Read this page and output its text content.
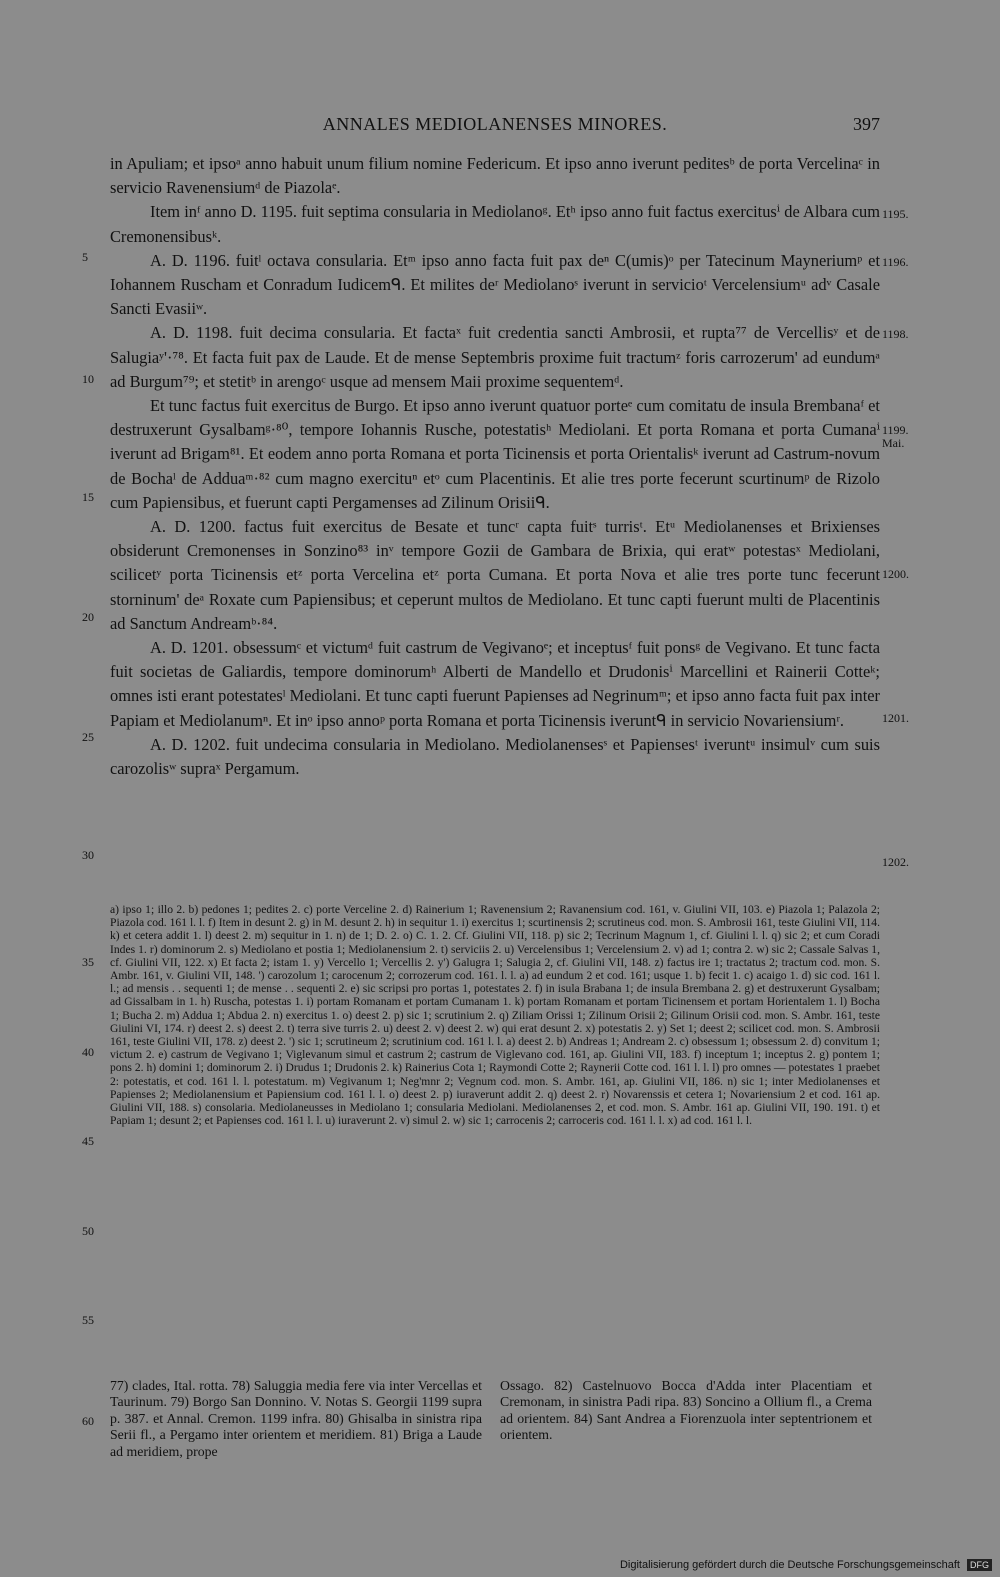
ANNALES MEDIOLANENSES MINORES.	397

in Apuliam; et ipsoᵃ anno habuit unum filium nomine Federicum. Et ipso anno iverunt peditesᵇ de porta Vercelinaᶜ in servicio Ravenensiumᵈ de Piazolaᵉ.

Item inᶠ anno D. 1195. fuit septima consularia in Mediolanoᵍ. Etʰ ipso anno fuit factus exercitusⁱ de Albara cum Cremonensibusᵏ.

A. D. 1196. fuitˡ octava consularia. Etᵐ ipso anno facta fuit pax deⁿ C(umis)ᵒ per Tatecinum Mayneriumᵖ et Iohannem Ruscham et Conradum Iudicemᑫ. Et milites deʳ Mediolanoˢ iverunt in servicioᵗ Vercelensiumᵘ adᵛ Casale Sancti Evasiiʷ.

A. D. 1198. fuit decima consularia. Et factaˣ fuit credentia sancti Ambrosii, et rupta⁷⁷ de Vercellisʸ et de Salugiaʸ'·⁷⁸. Et facta fuit pax de Laude. Et de mense Septembris proxime fuit tractumᶻ foris carrozerum' ad eundumᵃ ad Burgum⁷⁹; et stetitᵇ in arengoᶜ usque ad mensem Maii proxime sequentemᵈ.

Et tunc factus fuit exercitus de Burgo. Et ipso anno iverunt quatuor porteᵉ cum comitatu de insula Brembanaᶠ et destruxerunt Gysalbamᵍ·⁸⁰, tempore Iohannis Rusche, potestatisʰ Mediolani. Et porta Romana et porta Cumanaⁱ iverunt ad Brigam⁸¹. Et eodem anno porta Romana et porta Ticinensis et porta Orientalisᵏ iverunt ad Castrum-novum de Bochaˡ de Adduaᵐ·⁸² cum magno exercituⁿ etᵒ cum Placentinis. Et alie tres porte fecerunt scurtinumᵖ de Rizolo cum Papiensibus, et fuerunt capti Pergamenses ad Zilinum Orisiiᑫ.

A. D. 1200. factus fuit exercitus de Besate et tuncʳ capta fuitˢ turrisᵗ. Etᵘ Mediolanenses et Brixienses obsiderunt Cremonenses in Sonzino⁸³ inᵛ tempore Gozii de Gambara de Brixia, qui eratʷ potestasˣ Mediolani, scilicetʸ porta Ticinensis etᶻ porta Vercelina etᶻ porta Cumana. Et porta Nova et alie tres porte tunc fecerunt storninum' deᵃ Roxate cum Papiensibus; et ceperunt multos de Mediolano. Et tunc capti fuerunt multi de Placentinis ad Sanctum Andreamᵇ·⁸⁴.

A. D. 1201. obsessumᶜ et victumᵈ fuit castrum de Vegivanoᵉ; et inceptusᶠ fuit ponsᵍ de Vegivano. Et tunc facta fuit societas de Galiardis, tempore dominorumʰ Alberti de Mandello et Drudonisⁱ Marcellini et Rainerii Cotteᵏ; omnes isti erant potestatesˡ Mediolani. Et tunc capti fuerunt Papienses ad Negrinumᵐ; et ipso anno facta fuit pax inter Papiam et Mediolanumⁿ. Et inᵒ ipso annoᵖ porta Romana et porta Ticinensis iveruntᑫ in servicio Novariensiumʳ.

A. D. 1202. fuit undecima consularia in Mediolano. Mediolanensesˢ et Papiensesᵗ iveruntᵘ insimulᵛ cum suis carozolisʷ supraˣ Pergamum.

5
10
15
20
25
30
35
40
45
50
55
60
1195.
1196.
1198.
1199.
Mai.
1200.
1201.
1202.

a) ipso 1; illo 2. b) pedones 1; pedites 2. c) porte Verceline 2. d) Rainerium 1; Ravenensium 2; Ravanensium cod. 161, v. Giulini VII, 103. e) Piazola 1; Palazola 2; Piazola cod. 161 l. l. f) Item in desunt 2. g) in M. desunt 2. h) in sequitur 1. i) exercitus 1; scurtinensis 2; scrutineus cod. mon. S. Ambrosii 161, teste Giulini VII, 114. k) et cetera addit 1. l) deest 2. m) sequitur in 1. n) de 1; D. 2. o) C. 1. 2. Cf. Giulini VII, 118. p) sic 2; Tecrinum Magnum 1, cf. Giulini l. l. q) sic 2; et cum Coradi Indes 1. r) dominorum 2. s) Mediolano et postia 1; Mediolanensium 2. t) serviciis 2. u) Vercelensibus 1; Vercelensium 2. v) ad 1; contra 2. w) sic 2; Cassale Salvas 1, cf. Giulini VII, 122. x) Et facta 2; istam 1. y) Vercello 1; Vercellis 2. y') Galugra 1; Salugia 2, cf. Giulini VII, 148. z) factus ire 1; tractatus 2; tractum cod. mon. S. Ambr. 161, v. Giulini VII, 148. ') carozolum 1; carocenum 2; corrozerum cod. 161. l. l. a) ad eundum 2 et cod. 161; usque 1. b) fecit 1. c) acaigo 1. d) sic cod. 161 l. l.; ad mensis . . sequenti 1; de mense . . sequenti 2. e) sic scripsi pro portas 1, potestates 2. f) in isula Brabana 1; de insula Brembana 2. g) et destruxerunt Gysalbam; ad Gissalbam in 1. h) Ruscha, potestas 1. i) portam Romanam et portam Cumanam 1. k) portam Romanam et portam Ticinensem et portam Horientalem 1. l) Bocha 1; Bucha 2. m) Addua 1; Abdua 2. n) exercitus 1. o) deest 2. p) sic 1; scrutinium 2. q) Ziliam Orissi 1; Zilinum Orisii 2; Gilinum Orisii cod. mon. S. Ambr. 161, teste Giulini VI, 174. r) deest 2. s) deest 2. t) terra sive turris 2. u) deest 2. v) deest 2. w) qui erat desunt 2. x) potestatis 2. y) Set 1; deest 2; scilicet cod. mon. S. Ambrosii 161, teste Giulini VII, 178. z) deest 2. ') sic 1; scrutineum 2; scrutinium cod. 161 l. l. a) deest 2. b) Andreas 1; Andream 2. c) obsessum 1; obsessum 2. d) convitum 1; victum 2. e) castrum de Vegivano 1; Viglevanum simul et castrum 2; castrum de Viglevano cod. 161, ap. Giulini VII, 183. f) inceptum 1; inceptus 2. g) pontem 1; pons 2. h) domini 1; dominorum 2. i) Drudus 1; Drudonis 2. k) Rainerius Cota 1; Raymondi Cotte 2; Raynerii Cotte cod. 161 l. l. l) pro omnes — potestates 1 praebet 2: potestatis, et cod. 161 l. l. potestatum. m) Vegivanum 1; Neg'mnr 2; Vegnum cod. mon. S. Ambr. 161, ap. Giulini VII, 186. n) sic 1; inter Mediolanenses et Papienses 2; Mediolanensium et Papiensium cod. 161 l. l. o) deest 2. p) iuraverunt addit 2. q) deest 2. r) Novarenssis et cetera 1; Novariensium 2 et cod. 161 ap. Giulini VII, 188. s) consolaria. Mediolaneusses in Mediolano 1; consularia Mediolani. Mediolanenses 2, et cod. mon. S. Ambr. 161 ap. Giulini VII, 190. 191. t) et Papiam 1; desunt 2; et Papienses cod. 161 l. l. u) iuraverunt 2. v) simul 2. w) sic 1; carrocenis 2; carroceris cod. 161 l. l. x) ad cod. 161 l. l.

77) clades, Ital. rotta. 78) Saluggia media fere via inter Vercellas et Taurinum. 79) Borgo San Donnino. V. Notas S. Georgii 1199 supra p. 387. et Annal. Cremon. 1199 infra. 80) Ghisalba in sinistra ripa Serii fl., a Pergamo inter orientem et meridiem. 81) Briga a Laude ad meridiem, prope

Ossago. 82) Castelnuovo Bocca d'Adda inter Placentiam et Cremonam, in sinistra Padi ripa. 83) Soncino a Ollium fl., a Crema ad orientem. 84) Sant Andrea a Fiorenzuola inter septentrionem et orientem.

Digitalisierung gefördert durch die Deutsche Forschungsgemeinschaft DFG
